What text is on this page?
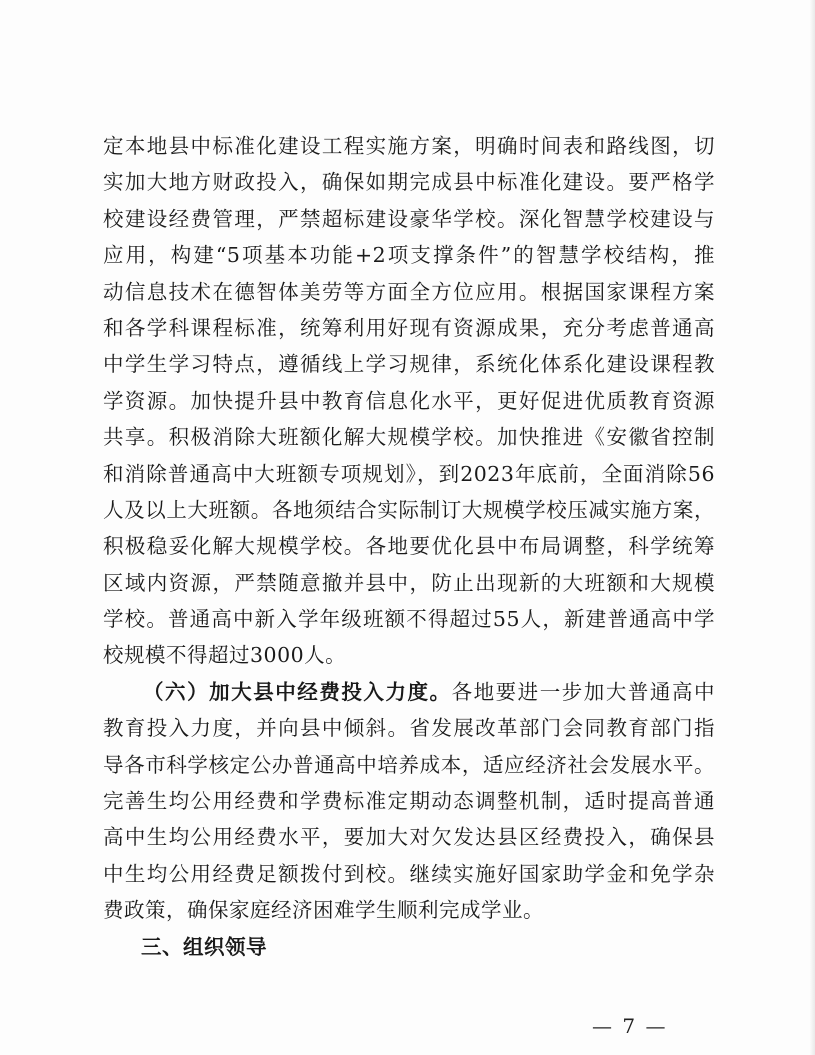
定本地县中标准化建设工程实施方案，明确时间表和路线图，切
实加大地方财政投入，确保如期完成县中标准化建设。要严格学
校建设经费管理，严禁超标建设豪华学校。深化智慧学校建设与
应用，构建“5项基本功能+2项支撑条件”的智慧学校结构，推
动信息技术在德智体美劳等方面全方位应用。根据国家课程方案
和各学科课程标准，统筹利用好现有资源成果，充分考虑普通高
中学生学习特点，遵循线上学习规律，系统化体系化建设课程教
学资源。加快提升县中教育信息化水平，更好促进优质教育资源
共享。积极消除大班额化解大规模学校。加快推进《安徽省控制
和消除普通高中大班额专项规划》，到2023年底前，全面消除56
人及以上大班额。各地须结合实际制订大规模学校压减实施方案，
积极稳妥化解大规模学校。各地要优化县中布局调整，科学统筹
区域内资源，严禁随意撤并县中，防止出现新的大班额和大规模
学校。普通高中新入学年级班额不得超过55人，新建普通高中学
校规模不得超过3000人。
（六）加大县中经费投入力度。各地要进一步加大普通高中
教育投入力度，并向县中倾斜。省发展改革部门会同教育部门指
导各市科学核定公办普通高中培养成本，适应经济社会发展水平。
完善生均公用经费和学费标准定期动态调整机制，适时提高普通
高中生均公用经费水平，要加大对欠发达县区经费投入，确保县
中生均公用经费足额拨付到校。继续实施好国家助学金和免学杂
费政策，确保家庭经济困难学生顺利完成学业。
三、组织领导
— 7 —
